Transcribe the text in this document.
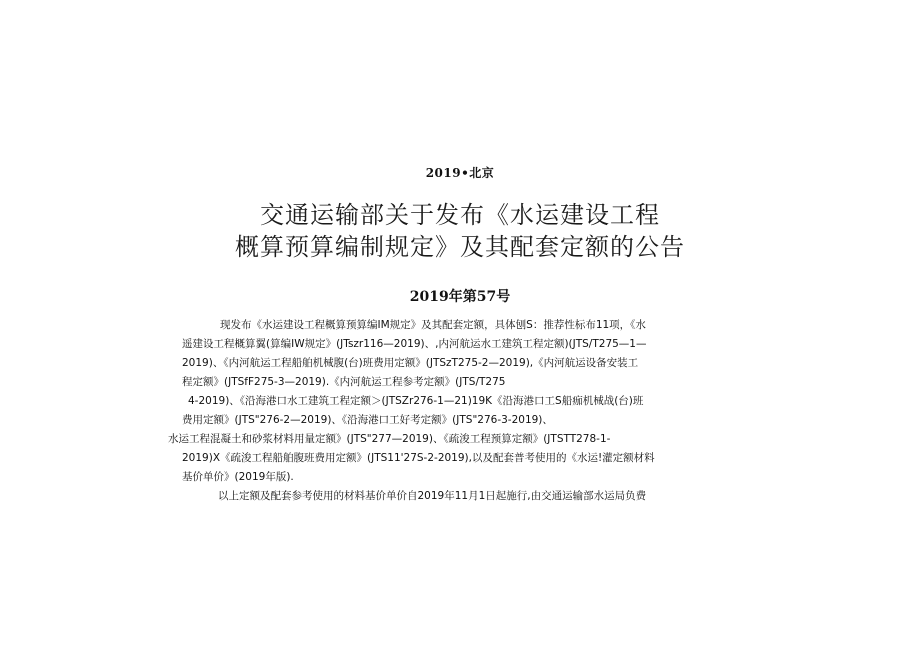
2019•北京
交通运输部关于发布《水运建设工程
概算预算编制规定》及其配套定额的公告
2019年第57号
现发布《水运建设工程概算预算编IM规定》及其配套定额，具体刨S：推荐性标布11项，《水
遥建设工程概算翼(算编IW规定》(JTszr116—2019)、,内河航运水工建筑工程定额)(JTS/T275—1—
2019)、《内河航运工程船舶机械腹(台)班费用定额》(JTSzT275-2—2019),《内河航运设备安装工
程定额》(JTSfF275-3—2019).《内河航运工程参考定额》(JTS/T275
4-2019)、《沿海港口水工建筑工程定额＞(JTSZr276-1—21)19K《沿海港口工S船痂机械战(台)班
费用定额》(JTS"276-2—2019)、《沿海港口工好考定额》(JTS"276-3-2019)、
水运工程混凝土和砂浆材料用量定额》(JTS"277—2019)、《疏浚工程预算定额》(JTSTT278-1-
2019)X《疏浚工程船舶腹班费用定额》(JTS11'27S-2-2019),以及配套普考使用的《水运!灌定额材料
基价单价》(2019年版).
以上定额及配套参考使用的材料基价单价自2019年11月1日起施行,由交通运输部水运局负费
